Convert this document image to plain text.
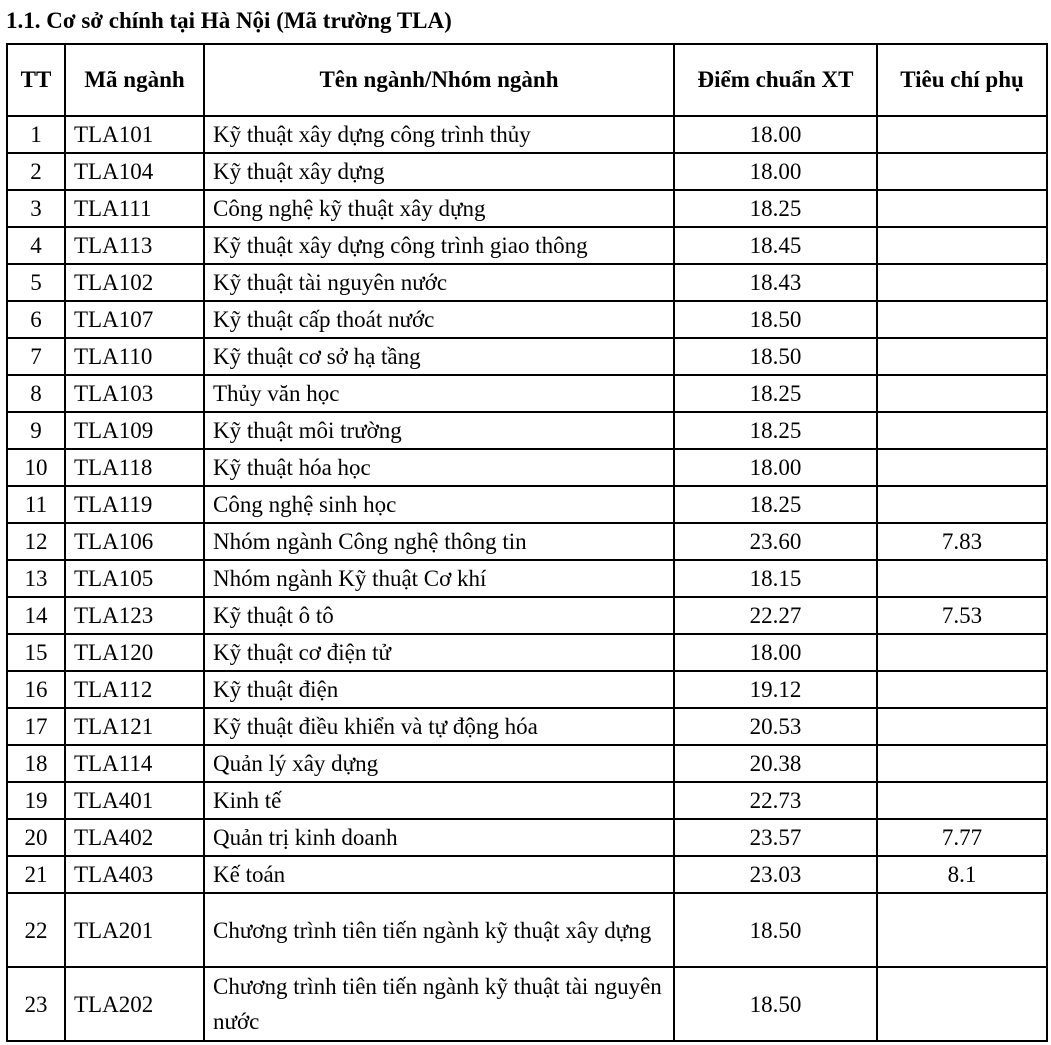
1.1. Cơ sở chính tại Hà Nội (Mã trường TLA)
TT	Mã ngành	Tên ngành/Nhóm ngành	Điểm chuẩn XT	Tiêu chí phụ
1	TLA101	Kỹ thuật xây dựng công trình thủy	18.00	
2	TLA104	Kỹ thuật xây dựng	18.00	
3	TLA111	Công nghệ kỹ thuật xây dựng	18.25	
4	TLA113	Kỹ thuật xây dựng công trình giao thông	18.45	
5	TLA102	Kỹ thuật tài nguyên nước	18.43	
6	TLA107	Kỹ thuật cấp thoát nước	18.50	
7	TLA110	Kỹ thuật cơ sở hạ tầng	18.50	
8	TLA103	Thủy văn học	18.25	
9	TLA109	Kỹ thuật môi trường	18.25	
10	TLA118	Kỹ thuật hóa học	18.00	
11	TLA119	Công nghệ sinh học	18.25	
12	TLA106	Nhóm ngành Công nghệ thông tin	23.60	7.83
13	TLA105	Nhóm ngành Kỹ thuật Cơ khí	18.15	
14	TLA123	Kỹ thuật ô tô	22.27	7.53
15	TLA120	Kỹ thuật cơ điện tử	18.00	
16	TLA112	Kỹ thuật điện	19.12	
17	TLA121	Kỹ thuật điều khiển và tự động hóa	20.53	
18	TLA114	Quản lý xây dựng	20.38	
19	TLA401	Kinh tế	22.73	
20	TLA402	Quản trị kinh doanh	23.57	7.77
21	TLA403	Kế toán	23.03	8.1
22	TLA201	Chương trình tiên tiến ngành kỹ thuật xây dựng	18.50	
23	TLA202	Chương trình tiên tiến ngành kỹ thuật tài nguyên nước	18.50	
